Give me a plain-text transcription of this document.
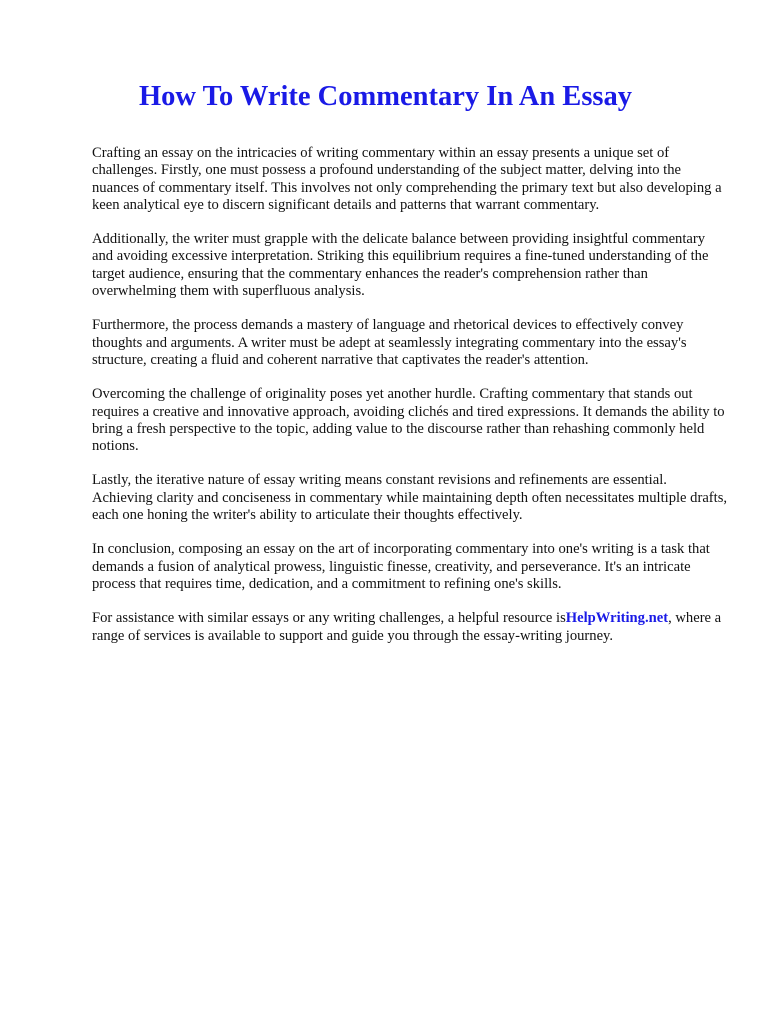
How To Write Commentary In An Essay

Crafting an essay on the intricacies of writing commentary within an essay presents a unique set of challenges. Firstly, one must possess a profound understanding of the subject matter, delving into the nuances of commentary itself. This involves not only comprehending the primary text but also developing a keen analytical eye to discern significant details and patterns that warrant commentary.

Additionally, the writer must grapple with the delicate balance between providing insightful commentary and avoiding excessive interpretation. Striking this equilibrium requires a fine-tuned understanding of the target audience, ensuring that the commentary enhances the reader's comprehension rather than overwhelming them with superfluous analysis.

Furthermore, the process demands a mastery of language and rhetorical devices to effectively convey thoughts and arguments. A writer must be adept at seamlessly integrating commentary into the essay's structure, creating a fluid and coherent narrative that captivates the reader's attention.

Overcoming the challenge of originality poses yet another hurdle. Crafting commentary that stands out requires a creative and innovative approach, avoiding clichés and tired expressions. It demands the ability to bring a fresh perspective to the topic, adding value to the discourse rather than rehashing commonly held notions.

Lastly, the iterative nature of essay writing means constant revisions and refinements are essential. Achieving clarity and conciseness in commentary while maintaining depth often necessitates multiple drafts, each one honing the writer's ability to articulate their thoughts effectively.

In conclusion, composing an essay on the art of incorporating commentary into one's writing is a task that demands a fusion of analytical prowess, linguistic finesse, creativity, and perseverance. It's an intricate process that requires time, dedication, and a commitment to refining one's skills.

For assistance with similar essays or any writing challenges, a helpful resource isHelpWriting.net, where a range of services is available to support and guide you through the essay-writing journey.
